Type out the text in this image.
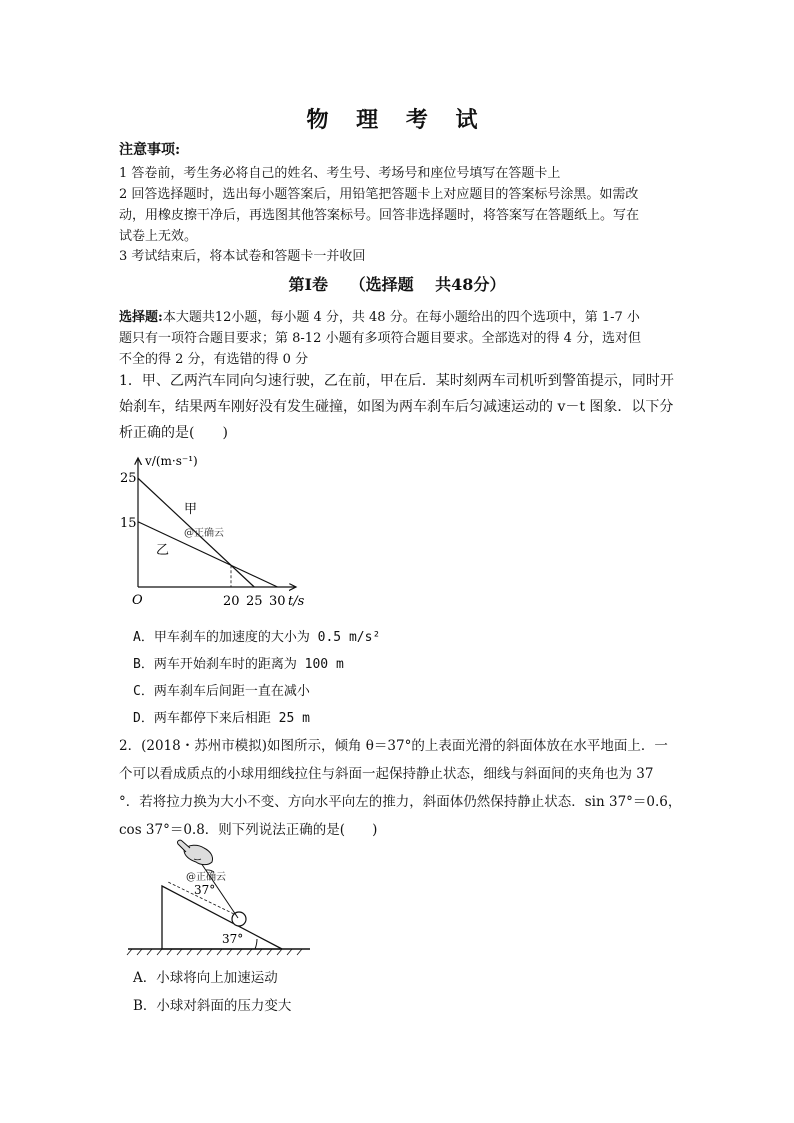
物 理 考 试
注意事项:
1 答卷前，考生务必将自己的姓名、考生号、考场号和座位号填写在答题卡上
2 回答选择题时，选出每小题答案后，用铅笔把答题卡上对应题目的答案标号涂黑。如需改
动，用橡皮擦干净后，再选图其他答案标号。回答非选择题时，将答案写在答题纸上。写在
试卷上无效。
3 考试结束后，将本试卷和答题卡一并收回
第Ⅰ卷　 （选择题　 共48分）
选择题:本大题共12小题，每小题 4 分，共 48 分。在每小题给出的四个选项中，第 1-7 小
题只有一项符合题目要求；第 8-12 小题有多项符合题目要求。全部选对的得 4 分，选对但
不全的得 2 分，有选错的得 0 分
1．甲、乙两汽车同向匀速行驶，乙在前，甲在后．某时刻两车司机听到警笛提示，同时开
始刹车，结果两车刚好没有发生碰撞，如图为两车刹车后匀减速运动的 v－t 图象．以下分
析正确的是(　　)
v/(m·s⁻¹)
25
15
O	20 25 30 t/s
甲
乙
@正确云
A．甲车刹车的加速度的大小为 0.5 m/s²
B．两车开始刹车时的距离为 100 m
C．两车刹车后间距一直在减小
D．两车都停下来后相距 25 m
2．(2018・苏州市模拟)如图所示，倾角 θ＝37°的上表面光滑的斜面体放在水平地面上．一
个可以看成质点的小球用细线拉住与斜面一起保持静止状态，细线与斜面间的夹角也为 37
°．若将拉力换为大小不变、方向水平向左的推力，斜面体仍然保持静止状态．sin 37°＝0.6，
cos 37°＝0.8．则下列说法正确的是(　　)
@正确云
37°
37°
A．小球将向上加速运动
B．小球对斜面的压力变大
